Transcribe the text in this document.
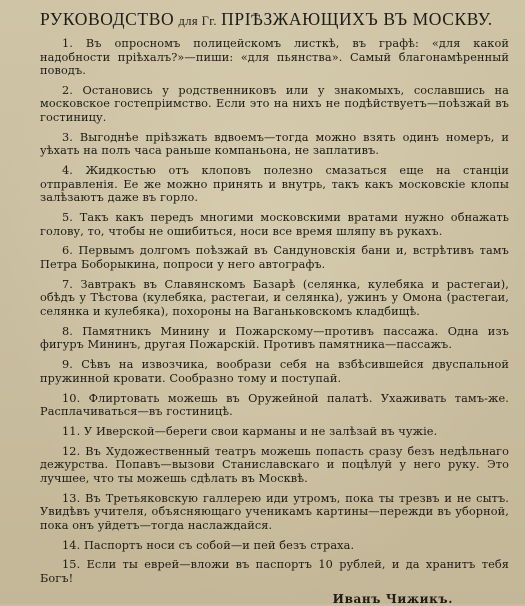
РУКОВОДСТВО для Гг. ПРІѢЗЖАЮЩИХЪ ВЪ МОСКВУ.
1. Въ опросномъ полицейскомъ листкѣ, въ графѣ: «для какой надобности пріѣхалъ?»—пиши: «для пьянства». Самый благонамѣренный поводъ.
2. Остановись у родственниковъ или у знакомыхъ, сославшись на московское гостепріимство. Если это на нихъ не подѣйствуетъ—поѣзжай въ гостиницу.
3. Выгоднѣе пріѣзжать вдвоемъ—тогда можно взять одинъ номеръ, и уѣхать на полъ часа раньше компаньона, не заплативъ.
4. Жидкостью отъ клоповъ полезно смазаться еще на станціи отправленія. Ее же можно принять и внутрь, такъ какъ московскіе клопы залѣзаютъ даже въ горло.
5. Такъ какъ передъ многими московскими вратами нужно обнажать голову, то, чтобы не ошибиться, носи все время шляпу въ рукахъ.
6. Первымъ долгомъ поѣзжай въ Сандуновскія бани и, встрѣтивъ тамъ Петра Боборыкина, попроси у него автографъ.
7. Завтракъ въ Славянскомъ Базарѣ (селянка, кулебяка и растегаи), обѣдъ у Тѣстова (кулебяка, растегаи, и селянка), ужинъ у Омона (растегаи, селянка и кулебяка), похороны на Ваганьковскомъ кладбищѣ.
8. Памятникъ Минину и Пожарскому—противъ пассажа. Одна изъ фигуръ Мининъ, другая Пожарскій. Противъ памятника—пассажъ.
9. Сѣвъ на извозчика, вообрази себя на взбѣсившейся двуспальной пружинной кровати. Сообразно тому и поступай.
10. Флиртовать можешь въ Оружейной палатѣ. Ухаживать тамъ-же. Расплачиваться—въ гостиницѣ.
11. У Иверской—береги свои карманы и не залѣзай въ чужіе.
12. Въ Художественный театръ можешь попасть сразу безъ недѣльнаго дежурства. Попавъ—вызови Станиславскаго и поцѣлуй у него руку. Это лучшее, что ты можешь сдѣлать въ Москвѣ.
13. Въ Третьяковскую галлерею иди утромъ, пока ты трезвъ и не сытъ. Увидѣвъ учителя, объясняющаго ученикамъ картины—пережди въ уборной, пока онъ уйдетъ—тогда наслаждайся.
14. Паспортъ носи съ собой—и пей безъ страха.
15. Если ты еврей—вложи въ паспортъ 10 рублей, и да хранитъ тебя Богъ!
Иванъ Чижикъ.
